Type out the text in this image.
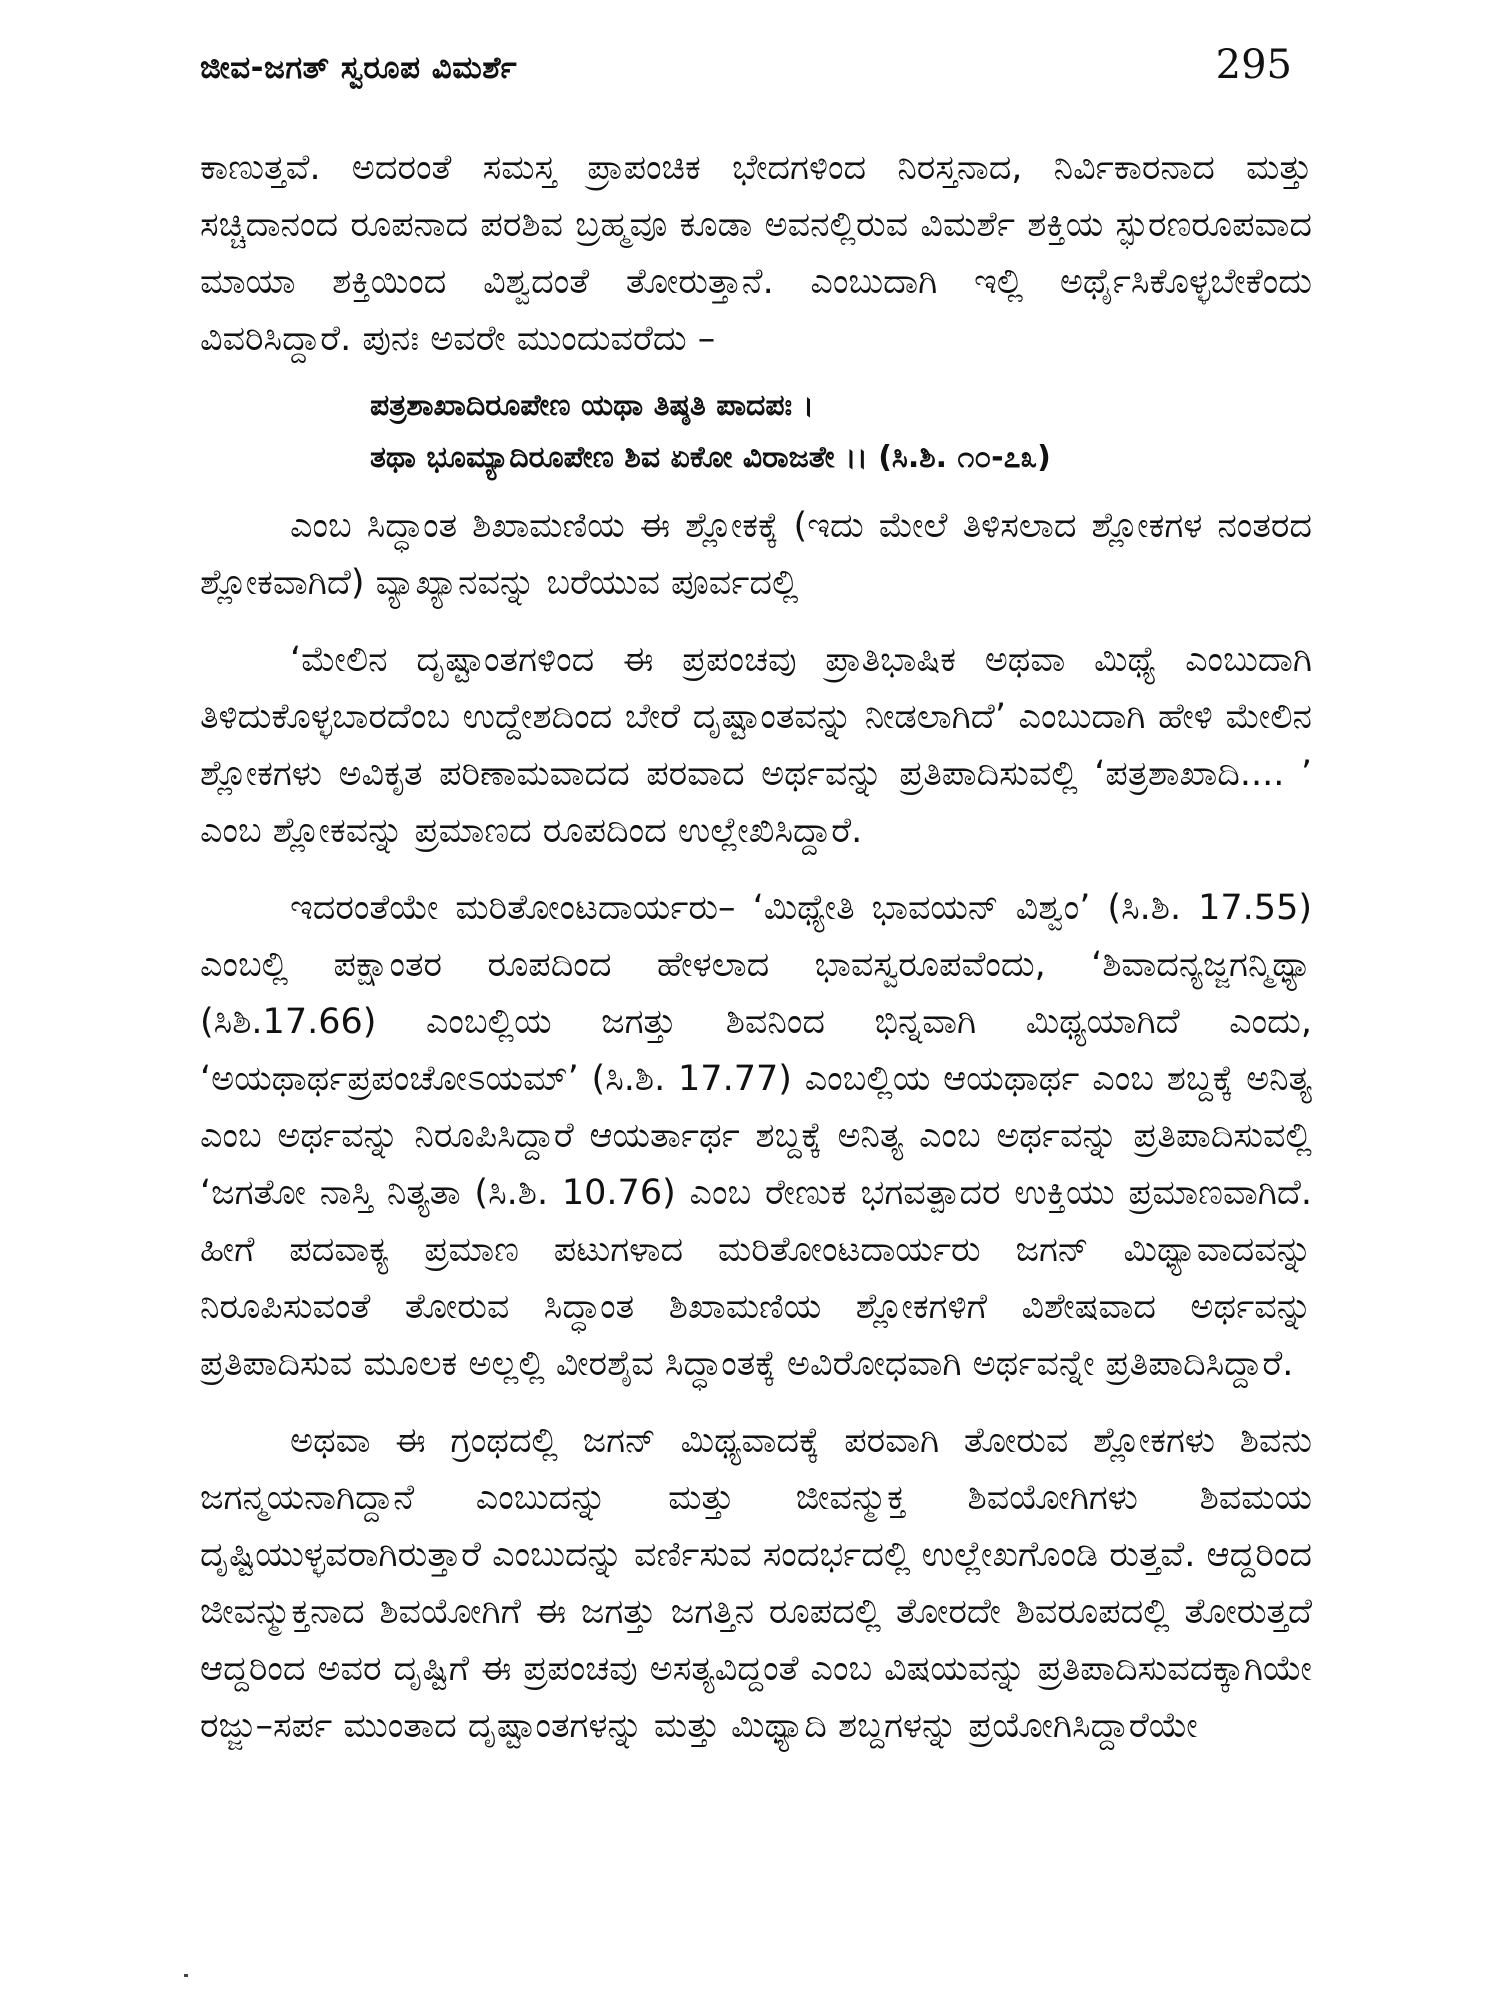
ಜೀವ-ಜಗತ್ ಸ್ವರೂಪ ವಿಮರ್ಶೆ	295

ಕಾಣುತ್ತವೆ. ಅದರಂತೆ ಸಮಸ್ತ ಪ್ರಾಪಂಚಿಕ ಭೇದಗಳಿಂದ ನಿರಸ್ತನಾದ, ನಿರ್ವಿಕಾರನಾದ ಮತ್ತು ಸಚ್ಚಿದಾನಂದ ರೂಪನಾದ ಪರಶಿವ ಬ್ರಹ್ಮವೂ ಕೂಡಾ ಅವನಲ್ಲಿರುವ ವಿಮರ್ಶೆ ಶಕ್ತಿಯ ಸ್ಫುರಣರೂಪವಾದ ಮಾಯಾ ಶಕ್ತಿಯಿಂದ ವಿಶ್ವದಂತೆ ತೋರುತ್ತಾನೆ. ಎಂಬುದಾಗಿ ಇಲ್ಲಿ ಅರ್ಥೈಸಿಕೊಳ್ಳಬೇಕೆಂದು ವಿವರಿಸಿದ್ದಾರೆ. ಪುನಃ ಅವರೇ ಮುಂದುವರೆದು –

ಪತ್ರಶಾಖಾದಿರೂಪೇಣ ಯಥಾ ತಿಷ್ಠತಿ ಪಾದಪಃ ।
ತಥಾ ಭೂಮ್ಯಾದಿರೂಪೇಣ ಶಿವ ಏಕೋ ವಿರಾಜತೇ ।। (ಸಿ.ಶಿ. ೧೦-೭೩)

ಎಂಬ ಸಿದ್ಧಾಂತ ಶಿಖಾಮಣಿಯ ಈ ಶ್ಲೋಕಕ್ಕೆ (ಇದು ಮೇಲೆ ತಿಳಿಸಲಾದ ಶ್ಲೋಕಗಳ ನಂತರದ ಶ್ಲೋಕವಾಗಿದೆ) ವ್ಯಾಖ್ಯಾನವನ್ನು ಬರೆಯುವ ಪೂರ್ವದಲ್ಲಿ

‘ಮೇಲಿನ ದೃಷ್ಟಾಂತಗಳಿಂದ ಈ ಪ್ರಪಂಚವು ಪ್ರಾತಿಭಾಷಿಕ ಅಥವಾ ಮಿಥ್ಯೆ ಎಂಬುದಾಗಿ ತಿಳಿದುಕೊಳ್ಳಬಾರದೆಂಬ ಉದ್ದೇಶದಿಂದ ಬೇರೆ ದೃಷ್ಟಾಂತವನ್ನು ನೀಡಲಾಗಿದೆ’ ಎಂಬುದಾಗಿ ಹೇಳಿ ಮೇಲಿನ ಶ್ಲೋಕಗಳು ಅವಿಕೃತ ಪರಿಣಾಮವಾದದ ಪರವಾದ ಅರ್ಥವನ್ನು ಪ್ರತಿಪಾದಿಸುವಲ್ಲಿ ‘ಪತ್ರಶಾಖಾದಿ.... ’ ಎಂಬ ಶ್ಲೋಕವನ್ನು ಪ್ರಮಾಣದ ರೂಪದಿಂದ ಉಲ್ಲೇಖಿಸಿದ್ದಾರೆ.

ಇದರಂತೆಯೇ ಮರಿತೋಂಟದಾರ್ಯರು– ‘ಮಿಥ್ಯೇತಿ ಭಾವಯನ್ ವಿಶ್ವಂ’ (ಸಿ.ಶಿ. 17.55) ಎಂಬಲ್ಲಿ ಪಕ್ಷಾಂತರ ರೂಪದಿಂದ ಹೇಳಲಾದ ಭಾವಸ್ವರೂಪವೆಂದು, ‘ಶಿವಾದನ್ಯಜ್ಜಗನ್ಮಿಥ್ಯಾ (ಸಿಶಿ.17.66) ಎಂಬಲ್ಲಿಯ ಜಗತ್ತು ಶಿವನಿಂದ ಭಿನ್ನವಾಗಿ ಮಿಥ್ಯಯಾಗಿದೆ ಎಂದು, ‘ಅಯಥಾರ್ಥಪ್ರಪಂಚೋಽಯಮ್’ (ಸಿ.ಶಿ. 17.77) ಎಂಬಲ್ಲಿಯ ಆಯಥಾರ್ಥ ಎಂಬ ಶಬ್ದಕ್ಕೆ ಅನಿತ್ಯ ಎಂಬ ಅರ್ಥವನ್ನು ನಿರೂಪಿಸಿದ್ದಾರೆ ಆಯರ್ತಾರ್ಥ ಶಬ್ದಕ್ಕೆ ಅನಿತ್ಯ ಎಂಬ ಅರ್ಥವನ್ನು ಪ್ರತಿಪಾದಿಸುವಲ್ಲಿ ‘ಜಗತೋ ನಾಸ್ತಿ ನಿತ್ಯತಾ (ಸಿ.ಶಿ. 10.76) ಎಂಬ ರೇಣುಕ ಭಗವತ್ಪಾದರ ಉಕ್ತಿಯು ಪ್ರಮಾಣವಾಗಿದೆ. ಹೀಗೆ ಪದವಾಕ್ಯ ಪ್ರಮಾಣ ಪಟುಗಳಾದ ಮರಿತೋಂಟದಾರ್ಯರು ಜಗನ್ ಮಿಥ್ಯಾವಾದವನ್ನು ನಿರೂಪಿಸುವಂತೆ ತೋರುವ ಸಿದ್ಧಾಂತ ಶಿಖಾಮಣಿಯ ಶ್ಲೋಕಗಳಿಗೆ ವಿಶೇಷವಾದ ಅರ್ಥವನ್ನು ಪ್ರತಿಪಾದಿಸುವ ಮೂಲಕ ಅಲ್ಲಲ್ಲಿ ವೀರಶೈವ ಸಿದ್ಧಾಂತಕ್ಕೆ ಅವಿರೋಧವಾಗಿ ಅರ್ಥವನ್ನೇ ಪ್ರತಿಪಾದಿಸಿದ್ದಾರೆ.

ಅಥವಾ ಈ ಗ್ರಂಥದಲ್ಲಿ ಜಗನ್ ಮಿಥ್ಯವಾದಕ್ಕೆ ಪರವಾಗಿ ತೋರುವ ಶ್ಲೋಕಗಳು ಶಿವನು ಜಗನ್ಮಯನಾಗಿದ್ದಾನೆ ಎಂಬುದನ್ನು ಮತ್ತು ಜೀವನ್ಮುಕ್ತ ಶಿವಯೋಗಿಗಳು ಶಿವಮಯ ದೃಷ್ಟಿಯುಳ್ಳವರಾಗಿರುತ್ತಾರೆ ಎಂಬುದನ್ನು ವರ್ಣಿಸುವ ಸಂದರ್ಭದಲ್ಲಿ ಉಲ್ಲೇಖಗೊಂಡಿ ರುತ್ತವೆ. ಆದ್ದರಿಂದ ಜೀವನ್ಮುಕ್ತನಾದ ಶಿವಯೋಗಿಗೆ ಈ ಜಗತ್ತು ಜಗತ್ತಿನ ರೂಪದಲ್ಲಿ ತೋರದೇ ಶಿವರೂಪದಲ್ಲಿ ತೋರುತ್ತದೆ ಆದ್ದರಿಂದ ಅವರ ದೃಷ್ಟಿಗೆ ಈ ಪ್ರಪಂಚವು ಅಸತ್ಯವಿದ್ದಂತೆ ಎಂಬ ವಿಷಯವನ್ನು ಪ್ರತಿಪಾದಿಸುವದಕ್ಕಾಗಿಯೇ ರಜ್ಜು–ಸರ್ಪ ಮುಂತಾದ ದೃಷ್ಟಾಂತಗಳನ್ನು ಮತ್ತು ಮಿಥ್ಯಾದಿ ಶಬ್ದಗಳನ್ನು ಪ್ರಯೋಗಿಸಿದ್ದಾರೆಯೇ
